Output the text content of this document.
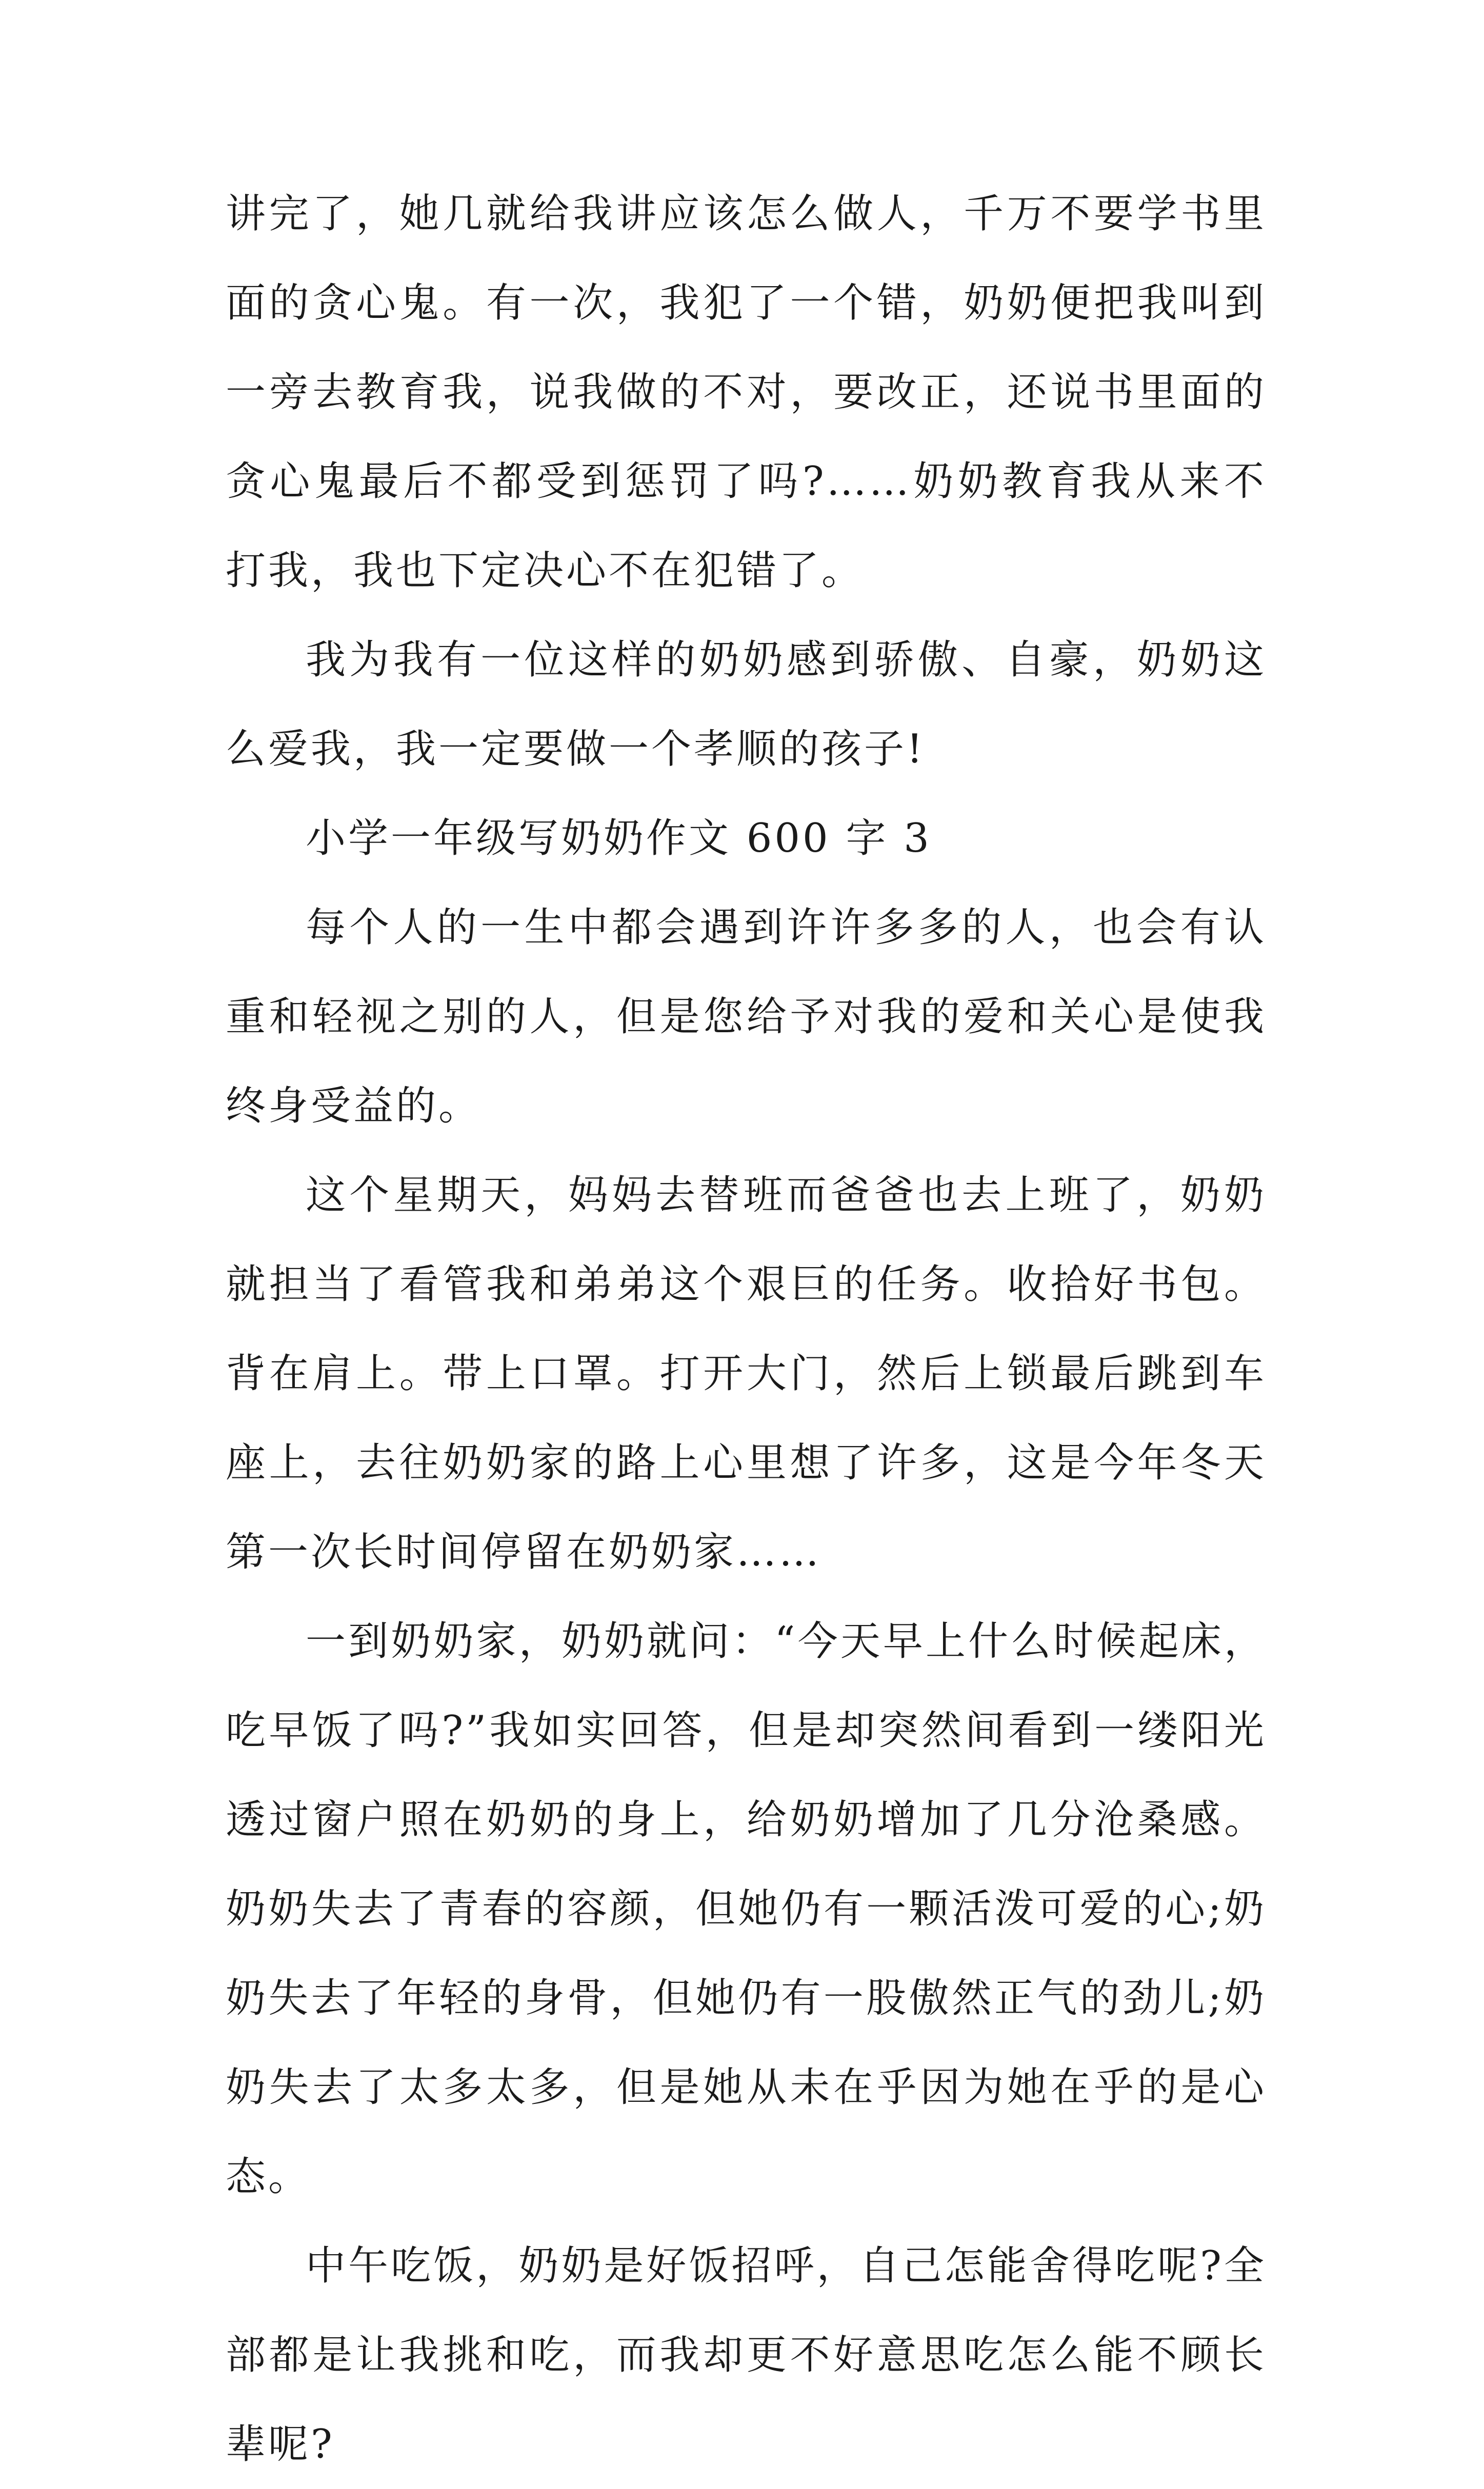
讲完了，她几就给我讲应该怎么做人，千万不要学书里面的贪心鬼。有一次，我犯了一个错，奶奶便把我叫到一旁去教育我，说我做的不对，要改正，还说书里面的贪心鬼最后不都受到惩罚了吗?……奶奶教育我从来不打我，我也下定决心不在犯错了。

我为我有一位这样的奶奶感到骄傲、自豪，奶奶这么爱我，我一定要做一个孝顺的孩子!

小学一年级写奶奶作文 600 字 3

每个人的一生中都会遇到许许多多的人，也会有认重和轻视之别的人，但是您给予对我的爱和关心是使我终身受益的。

这个星期天，妈妈去替班而爸爸也去上班了，奶奶就担当了看管我和弟弟这个艰巨的任务。收拾好书包。背在肩上。带上口罩。打开大门，然后上锁最后跳到车座上，去往奶奶家的路上心里想了许多，这是今年冬天第一次长时间停留在奶奶家……

一到奶奶家，奶奶就问：“今天早上什么时候起床，吃早饭了吗?”我如实回答，但是却突然间看到一缕阳光透过窗户照在奶奶的身上，给奶奶增加了几分沧桑感。奶奶失去了青春的容颜，但她仍有一颗活泼可爱的心;奶奶失去了年轻的身骨，但她仍有一股傲然正气的劲儿;奶奶失去了太多太多，但是她从未在乎因为她在乎的是心态。

中午吃饭，奶奶是好饭招呼，自己怎能舍得吃呢?全部都是让我挑和吃，而我却更不好意思吃怎么能不顾长辈呢?
